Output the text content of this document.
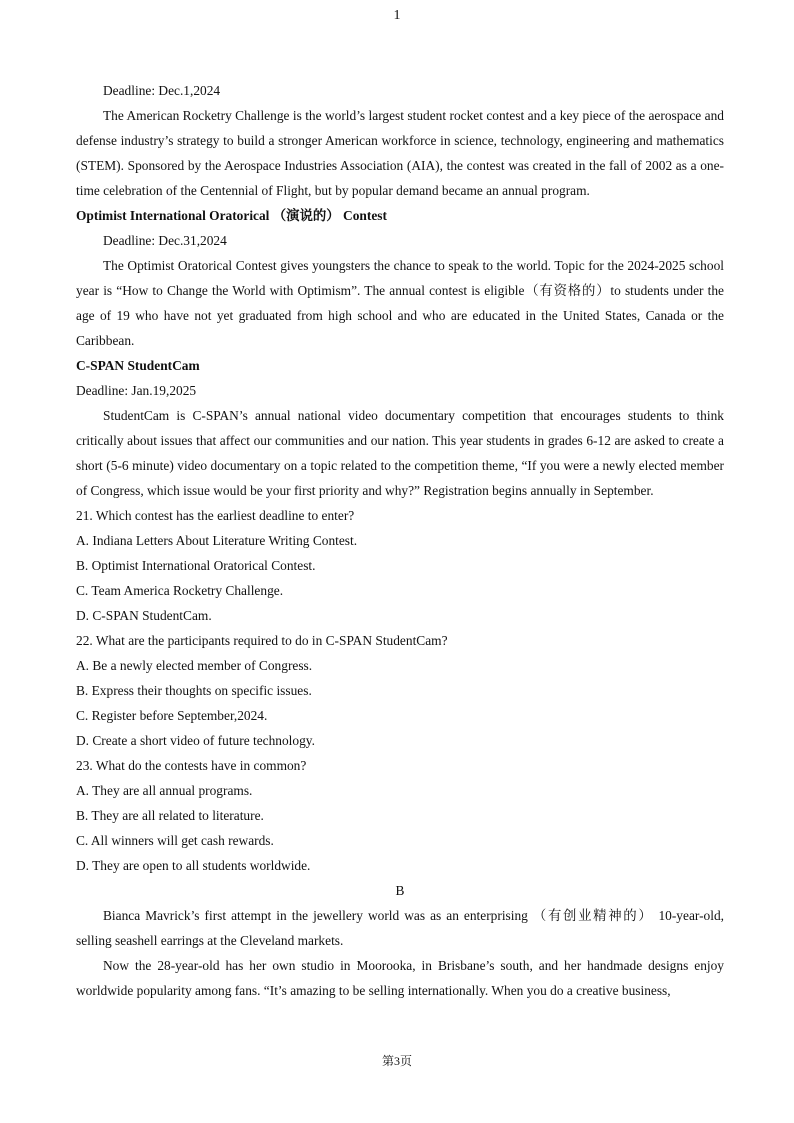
1

Deadline: Dec.1,2024

The American Rocketry Challenge is the world’s largest student rocket contest and a key piece of the aerospace and defense industry’s strategy to build a stronger American workforce in science, technology, engineering and mathematics (STEM). Sponsored by the Aerospace Industries Association (AIA), the contest was created in the fall of 2002 as a one-time celebration of the Centennial of Flight, but by popular demand became an annual program.

Optimist International Oratorical （演说的） Contest

Deadline: Dec.31,2024

The Optimist Oratorical Contest gives youngsters the chance to speak to the world. Topic for the 2024-2025 school year is “How to Change the World with Optimism”. The annual contest is eligible（有资格的）to students under the age of 19 who have not yet graduated from high school and who are educated in the United States, Canada or the Caribbean.

C-SPAN StudentCam

Deadline: Jan.19,2025

StudentCam is C-SPAN’s annual national video documentary competition that encourages students to think critically about issues that affect our communities and our nation. This year students in grades 6-12 are asked to create a short (5-6 minute) video documentary on a topic related to the competition theme, “If you were a newly elected member of Congress, which issue would be your first priority and why?” Registration begins annually in September.

21. Which contest has the earliest deadline to enter?

A. Indiana Letters About Literature Writing Contest.

B. Optimist International Oratorical Contest.

C. Team America Rocketry Challenge.

D. C-SPAN StudentCam.

22. What are the participants required to do in C-SPAN StudentCam?

A. Be a newly elected member of Congress.

B. Express their thoughts on specific issues.

C. Register before September,2024.

D. Create a short video of future technology.

23. What do the contests have in common?

A. They are all annual programs.

B. They are all related to literature.

C. All winners will get cash rewards.

D. They are open to all students worldwide.

B

Bianca Mavrick’s first attempt in the jewellery world was as an enterprising （有创业精神的） 10-year-old, selling seashell earrings at the Cleveland markets.

Now the 28-year-old has her own studio in Moorooka, in Brisbane’s south, and her handmade designs enjoy worldwide popularity among fans. “It’s amazing to be selling internationally. When you do a creative business,

第3页
